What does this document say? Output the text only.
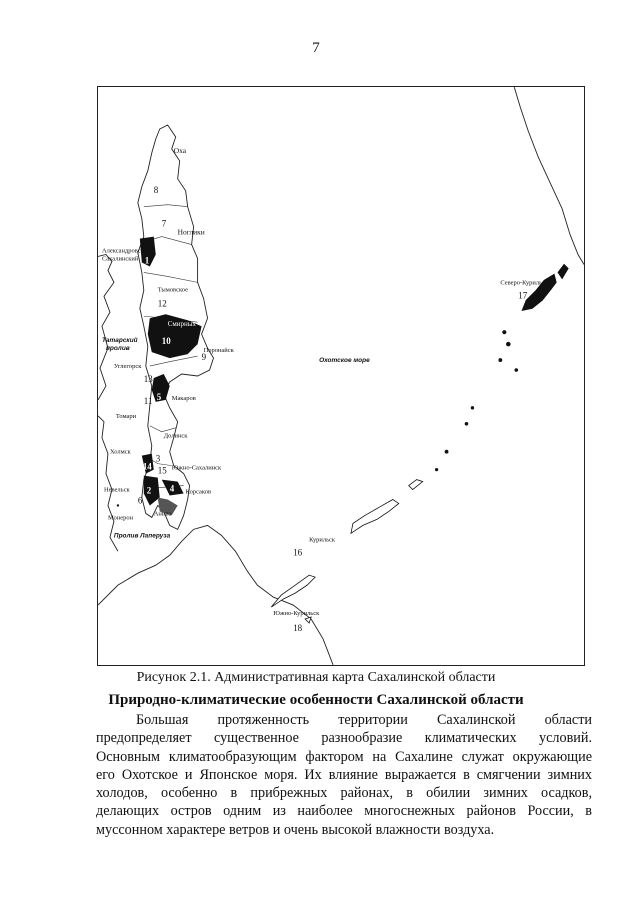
7
Оха
8
7
Ноглики
Александровск-
Сахалинский 1
Тымовское
12
Смирных
10
Татарский
пролив	Поронайск
9	Охотское море
Углегорск
13
5 Макаров
11
Томари
Долинск
Холмск
3
14 15 Южно-Сахалинск
Невельск 2 4 Корсаков
6
Монерон
Анива
Пролив Лаперуза
Северо-Курильск
17
Курильск
16
Южно-Курильск
18
Рисунок 2.1. Административная карта Сахалинской области
Природно-климатические особенности Сахалинской области

Большая протяженность территории Сахалинской области
предопределяет существенное разнообразие климатических условий.
Основным климатообразующим фактором на Сахалине служат окружающие
его Охотское и Японское моря. Их влияние выражается в смягчении зимних
холодов, особенно в прибрежных районах, в обилии зимних осадков,
делающих остров одним из наиболее многоснежных районов России, в
муссонном характере ветров и очень высокой влажности воздуха.
